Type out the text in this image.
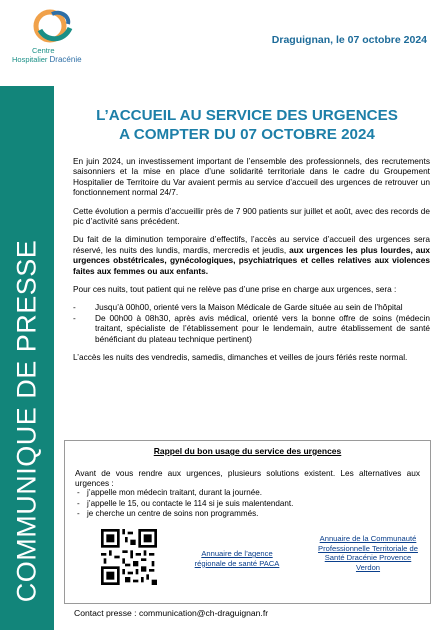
Centre
Hospitalier Dracénie
COMMUNIQUE DE PRESSE
Draguignan, le 07 octobre 2024
L’ACCUEIL AU SERVICE DES URGENCES
A COMPTER DU 07 OCTOBRE 2024

En juin 2024, un investissement important de l’ensemble des professionnels, des recrutements saisonniers et la mise en place d’une solidarité territoriale dans le cadre du Groupement Hospitalier de Territoire du Var avaient permis au service d’accueil des urgences de retrouver un fonctionnement normal 24/7.

Cette évolution a permis d’accueillir près de 7 900 patients sur juillet et août, avec des records de pic d’activité sans précédent.

Du fait de la diminution temporaire d’effectifs, l’accès au service d’accueil des urgences sera réservé, les nuits des lundis, mardis, mercredis et jeudis, aux urgences les plus lourdes, aux urgences obstétricales, gynécologiques, psychiatriques et celles relatives aux violences faites aux femmes ou aux enfants.

Pour ces nuits, tout patient qui ne relève pas d’une prise en charge aux urgences, sera :

- Jusqu’à 00h00, orienté vers la Maison Médicale de Garde située au sein de l’hôpital
- De 00h00 à 08h30, après avis médical, orienté vers la bonne offre de soins (médecin traitant, spécialiste de l’établissement pour le lendemain, autre établissement de santé bénéficiant du plateau technique pertinent)

L’accès les nuits des vendredis, samedis, dimanches et veilles de jours fériés reste normal.

Rappel du bon usage du service des urgences
Avant de vous rendre aux urgences, plusieurs solutions existent. Les alternatives aux urgences :
- j’appelle mon médecin traitant, durant la journée.
- j’appelle le 15, ou contacte le 114 si je suis malentendant.
- je cherche un centre de soins non programmés.
Annuaire de l’agence régionale de santé PACA
Annuaire de la Communauté Professionnelle Territoriale de Santé Dracénie Provence Verdon
Contact presse : communication@ch-draguignan.fr
